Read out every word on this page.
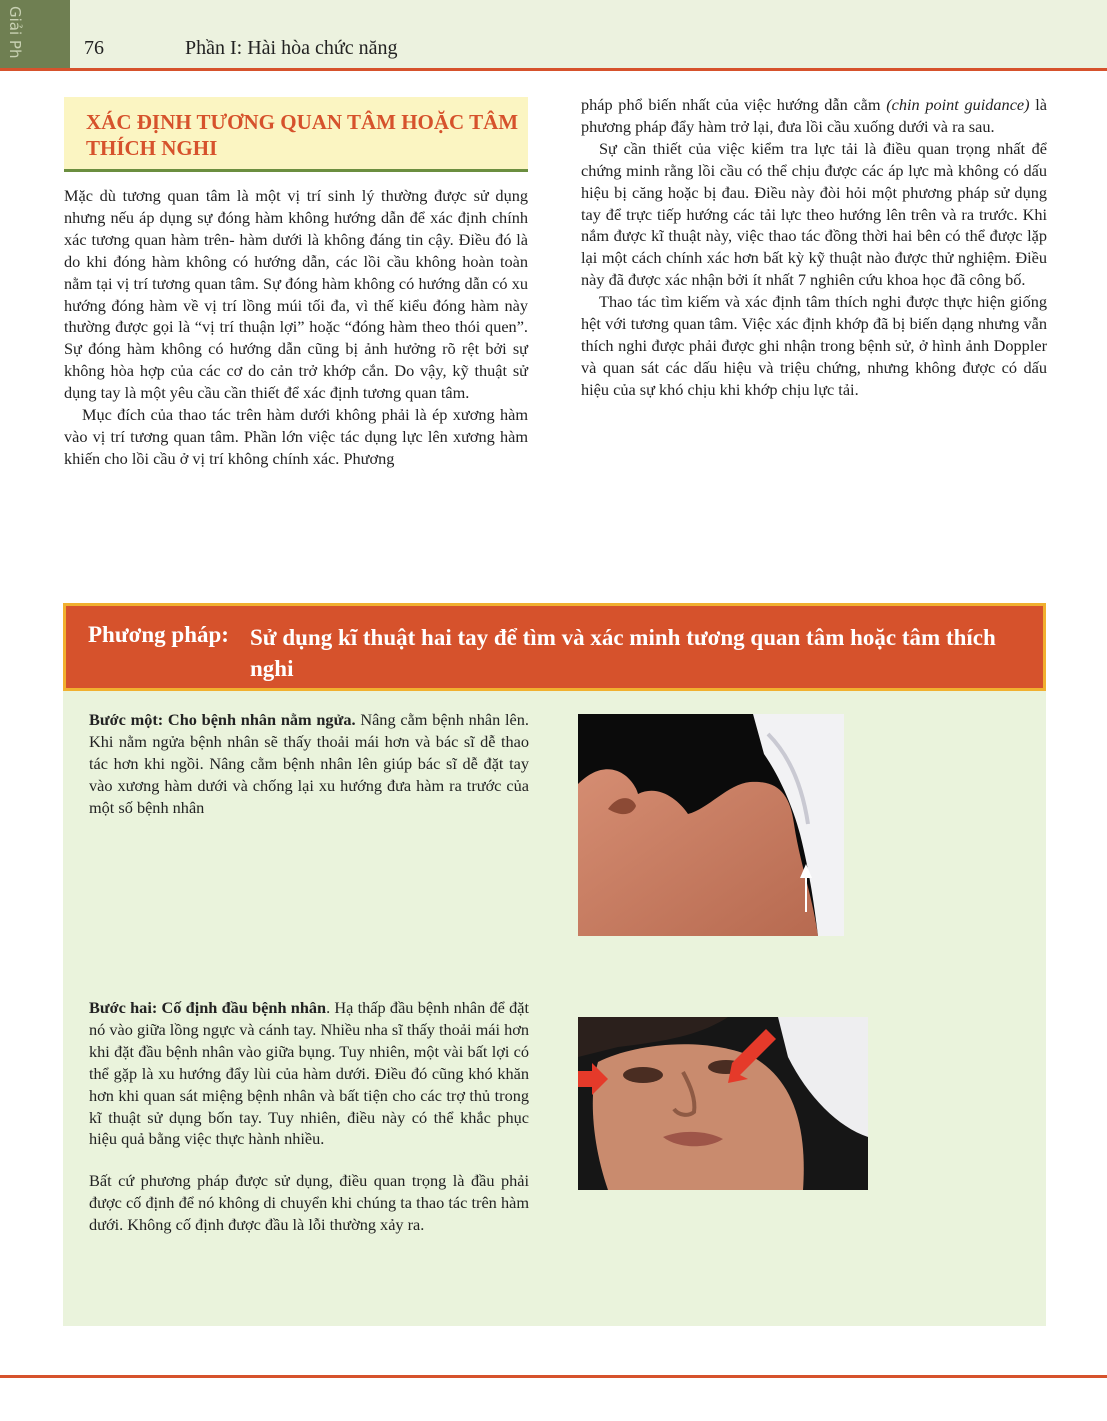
Giải Ph	76	Phần I: Hài hòa chức năng
XÁC ĐỊNH TƯƠNG QUAN TÂM HOẶC TÂM THÍCH NGHI

Mặc dù tương quan tâm là một vị trí sinh lý thường được sử dụng nhưng nếu áp dụng sự đóng hàm không hướng dẫn để xác định chính xác tương quan hàm trên- hàm dưới là không đáng tin cậy. Điều đó là do khi đóng hàm không có hướng dẫn, các lồi cầu không hoàn toàn nằm tại vị trí tương quan tâm. Sự đóng hàm không có hướng dẫn có xu hướng đóng hàm về vị trí lồng múi tối đa, vì thế kiểu đóng hàm này thường được gọi là “vị trí thuận lợi” hoặc “đóng hàm theo thói quen”. Sự đóng hàm không có hướng dẫn cũng bị ảnh hưởng rõ rệt bởi sự không hòa hợp của các cơ do cản trở khớp cắn. Do vậy, kỹ thuật sử dụng tay là một yêu cầu cần thiết để xác định tương quan tâm.

Mục đích của thao tác trên hàm dưới không phải là ép xương hàm vào vị trí tương quan tâm. Phần lớn việc tác dụng lực lên xương hàm khiến cho lồi cầu ở vị trí không chính xác. Phương

pháp phổ biến nhất của việc hướng dẫn cằm (chin point guidance) là phương pháp đẩy hàm trở lại, đưa lồi cầu xuống dưới và ra sau.

Sự cần thiết của việc kiểm tra lực tải là điều quan trọng nhất để chứng minh rằng lồi cầu có thể chịu được các áp lực mà không có dấu hiệu bị căng hoặc bị đau. Điều này đòi hỏi một phương pháp sử dụng tay để trực tiếp hướng các tải lực theo hướng lên trên và ra trước. Khi nắm được kĩ thuật này, việc thao tác đồng thời hai bên có thể được lặp lại một cách chính xác hơn bất kỳ kỹ thuật nào được thử nghiệm. Điều này đã được xác nhận bởi ít nhất 7 nghiên cứu khoa học đã công bố.

Thao tác tìm kiếm và xác định tâm thích nghi được thực hiện giống hệt với tương quan tâm. Việc xác định khớp đã bị biến dạng nhưng vẫn thích nghi được phải được ghi nhận trong bệnh sử, ở hình ảnh Doppler và quan sát các dấu hiệu và triệu chứng, nhưng không được có dấu hiệu của sự khó chịu khi khớp chịu lực tải.

Phương pháp: Sử dụng kĩ thuật hai tay để tìm và xác minh tương quan tâm hoặc tâm thích nghi

Bước một: Cho bệnh nhân nằm ngửa. Nâng cằm bệnh nhân lên. Khi nằm ngửa bệnh nhân sẽ thấy thoải mái hơn và bác sĩ dễ thao tác hơn khi ngồi. Nâng cằm bệnh nhân lên giúp bác sĩ dễ đặt tay vào xương hàm dưới và chống lại xu hướng đưa hàm ra trước của một số bệnh nhân

Bước hai: Cố định đầu bệnh nhân. Hạ thấp đầu bệnh nhân để đặt nó vào giữa lồng ngực và cánh tay. Nhiều nha sĩ thấy thoải mái hơn khi đặt đầu bệnh nhân vào giữa bụng. Tuy nhiên, một vài bất lợi có thể gặp là xu hướng đẩy lùi của hàm dưới. Điều đó cũng khó khăn hơn khi quan sát miệng bệnh nhân và bất tiện cho các trợ thủ trong kĩ thuật sử dụng bốn tay. Tuy nhiên, điều này có thể khắc phục hiệu quả bằng việc thực hành nhiều.

Bất cứ phương pháp được sử dụng, điều quan trọng là đầu phải được cố định để nó không di chuyển khi chúng ta thao tác trên hàm dưới. Không cố định được đầu là lỗi thường xảy ra.
